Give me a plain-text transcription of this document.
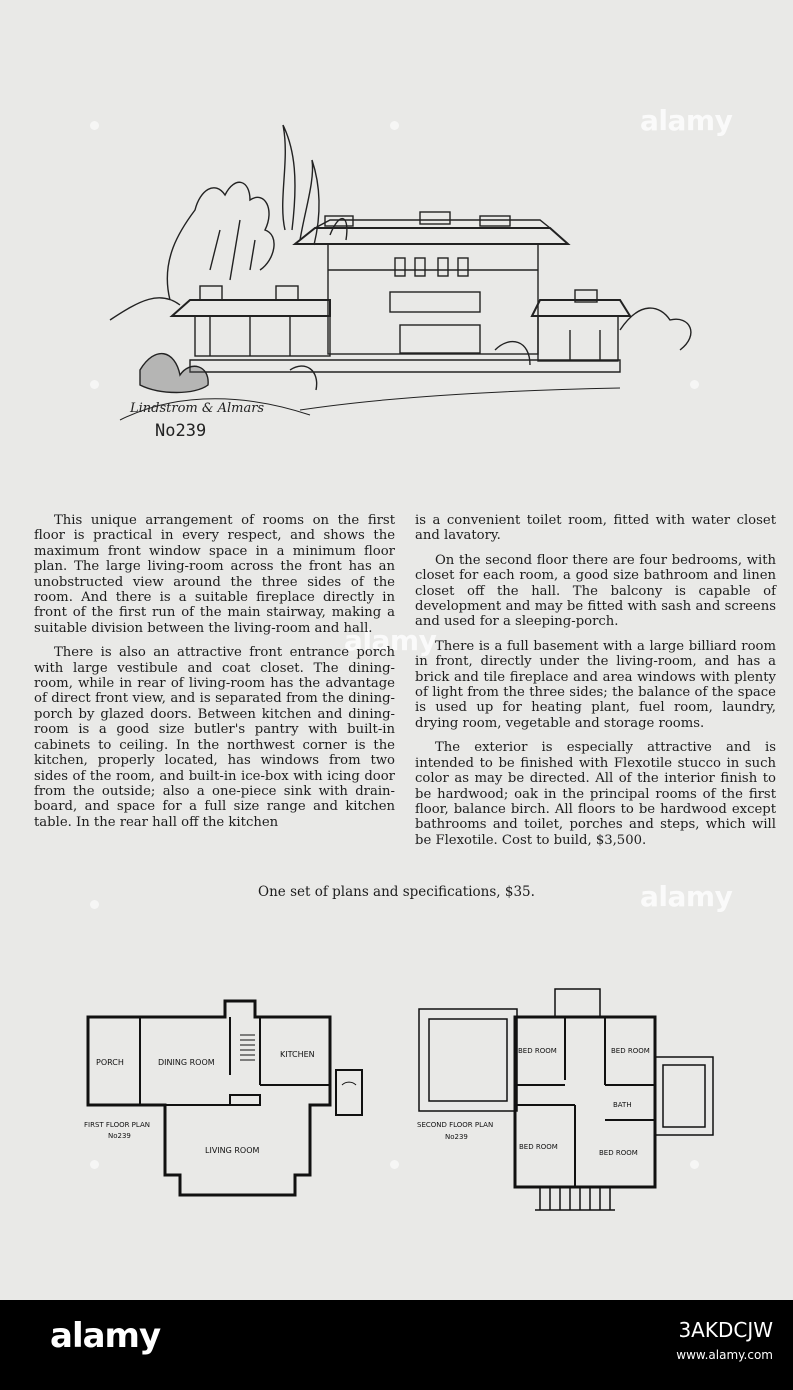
alamy
alamy
alamy
Lindstrom & Almars
No239

This unique arrangement of rooms on the first floor is practical in every respect, and shows the maximum front window space in a minimum floor plan. The large living-room across the front has an unobstructed view around the three sides of the room. And there is a suitable fireplace directly in front of the first run of the main stairway, making a suitable division between the living-room and hall.

There is also an attractive front entrance porch with large vestibule and coat closet. The dining-room, while in rear of living-room has the advantage of direct front view, and is separated from the dining-porch by glazed doors. Between kitchen and dining-room is a good size butler's pantry with built-in cabinets to ceiling. In the northwest corner is the kitchen, properly located, has windows from two sides of the room, and built-in ice-box with icing door from the outside; also a one-piece sink with drain-board, and space for a full size range and kitchen table. In the rear hall off the kitchen

is a convenient toilet room, fitted with water closet and lavatory.

On the second floor there are four bedrooms, with closet for each room, a good size bathroom and linen closet off the hall. The balcony is capable of development and may be fitted with sash and screens and used for a sleeping-porch.

There is a full basement with a large billiard room in front, directly under the living-room, and has a brick and tile fireplace and area windows with plenty of light from the three sides; the balance of the space is used up for heating plant, fuel room, laundry, drying room, vegetable and storage rooms.

The exterior is especially attractive and is intended to be finished with Flexotile stucco in such color as may be directed. All of the interior finish to be hardwood; oak in the principal rooms of the first floor, balance birch. All floors to be hardwood except bathrooms and toilet, porches and steps, which will be Flexotile. Cost to build, $3,500.

One set of plans and specifications, $35.
PORCH	DINING ROOM
KITCHEN
LIVING ROOM
FIRST FLOOR PLAN
No239
BED ROOM	BED ROOM
BATH
BED ROOM
BED ROOM
SECOND FLOOR PLAN
No239
alamy	3AKDCJW
www.alamy.com
